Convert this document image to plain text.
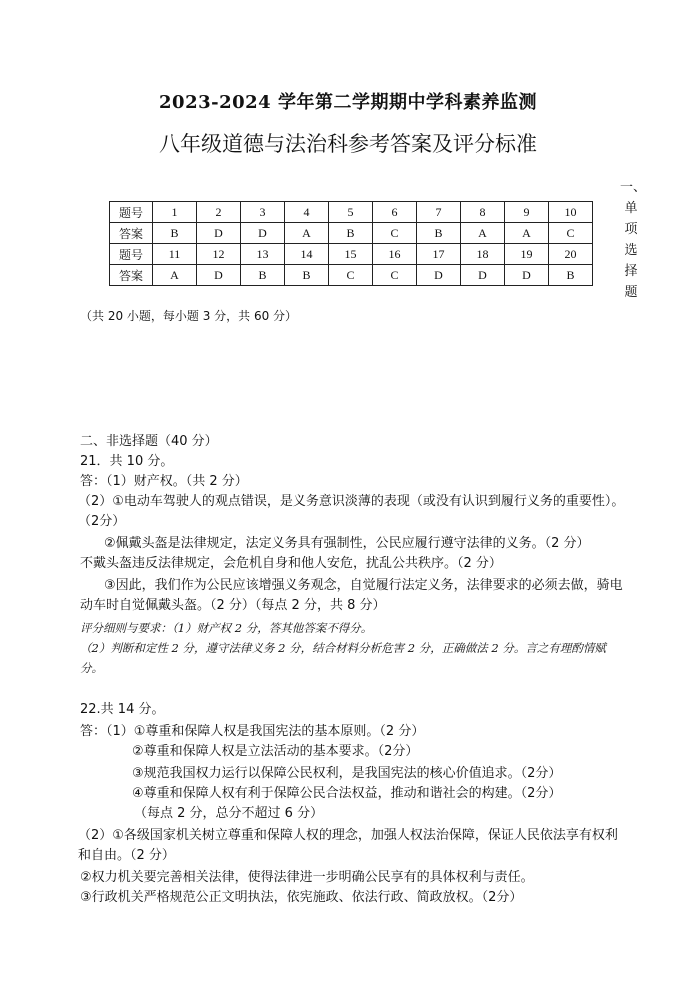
2023-2024 学年第二学期期中学科素养监测
八年级道德与法治科参考答案及评分标准
一、
单
项
选
择
题
题号	1	2	3	4	5	6	7	8	9	10
答案	B	D	D	A	B	C	B	A	A	C
题号	11	12	13	14	15	16	17	18	19	20
答案	A	D	B	B	C	C	D	D	D	B
（共 20 小题，每小题 3 分，共 60 分）
二、非选择题（40 分）
21．共 10 分。
答：（1）财产权。（共 2 分）
（2）①电动车驾驶人的观点错误，是义务意识淡薄的表现（或没有认识到履行义务的重要性）。（2分）
②佩戴头盔是法律规定，法定义务具有强制性，公民应履行遵守法律的义务。（2 分）
不戴头盔违反法律规定，会危机自身和他人安危，扰乱公共秩序。（2 分）
③因此，我们作为公民应该增强义务观念，自觉履行法定义务，法律要求的必须去做，骑电动车时自觉佩戴头盔。（2 分）（每点 2 分，共 8 分）
评分细则与要求：（1）财产权 2 分，答其他答案不得分。
（2）判断和定性 2 分，遵守法律义务 2 分，结合材料分析危害 2 分，正确做法 2 分。言之有理酌情赋分。
22.共 14 分。
答：（1）①尊重和保障人权是我国宪法的基本原则。（2 分）
②尊重和保障人权是立法活动的基本要求。（2分）
③规范我国权力运行以保障公民权利，是我国宪法的核心价值追求。（2分）
④尊重和保障人权有利于保障公民合法权益，推动和谐社会的构建。（2分）
（每点 2 分，总分不超过 6 分）
（2）①各级国家机关树立尊重和保障人权的理念，加强人权法治保障，保证人民依法享有权利和自由。（2 分）
②权力机关要完善相关法律，使得法律进一步明确公民享有的具体权利与责任。
③行政机关严格规范公正文明执法，依宪施政、依法行政、简政放权。（2分）
